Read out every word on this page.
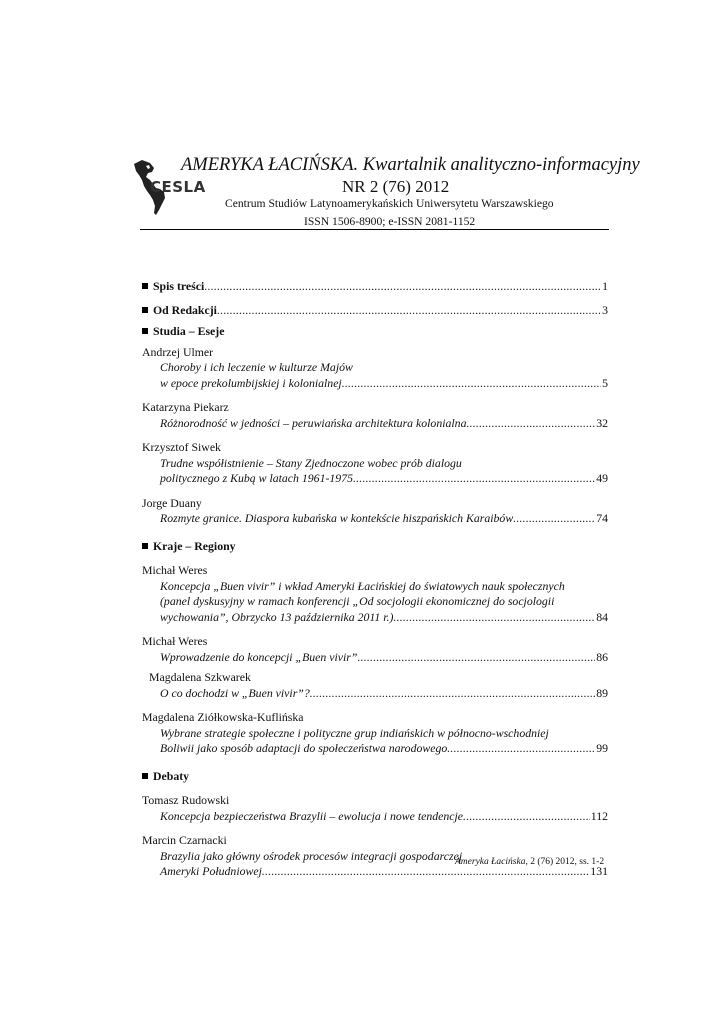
CESLA
AMERYKA ŁACIŃSKA. Kwartalnik analityczno-informacyjny
NR 2 (76) 2012
Centrum Studiów Latynoamerykańskich Uniwersytetu Warszawskiego
ISSN 1506-8900; e-ISSN 2081-1152
Spis treści .....	1
Od Redakcji .....	3
Studia – Eseje
Andrzej Ulmer
Choroby i ich leczenie w kulturze Majów
w epoce prekolumbijskiej i kolonialnej .....	5
Katarzyna Piekarz
Różnorodność w jedności – peruwiańska architektura kolonialna .....	32
Krzysztof Siwek
Trudne współistnienie – Stany Zjednoczone wobec prób dialogu
politycznego z Kubą w latach 1961-1975 .....	49
Jorge Duany
Rozmyte granice. Diaspora kubańska w kontekście hiszpańskich Karaibów .....	74
Kraje – Regiony
Michał Weres
Koncepcja „Buen vivir” i wkład Ameryki Łacińskiej do światowych nauk społecznych
(panel dyskusyjny w ramach konferencji „Od socjologii ekonomicznej do socjologii
wychowania”, Obrzycko 13 października 2011 r.) .....	84
Michał Weres
Wprowadzenie do koncepcji „Buen vivir” .....	86
Magdalena Szkwarek
O co dochodzi w „Buen vivir”? .....	89
Magdalena Ziółkowska-Kuflińska
Wybrane strategie społeczne i polityczne grup indiańskich w północno-wschodniej
Boliwii jako sposób adaptacji do społeczeństwa narodowego .....	99
Debaty
Tomasz Rudowski
Koncepcja bezpieczeństwa Brazylii – ewolucja i nowe tendencje .....	112
Marcin Czarnacki
Brazylia jako główny ośrodek procesów integracji gospodarczej
Ameryki Południowej .....	131
Ameryka Łacińska, 2 (76) 2012, ss. 1-2
